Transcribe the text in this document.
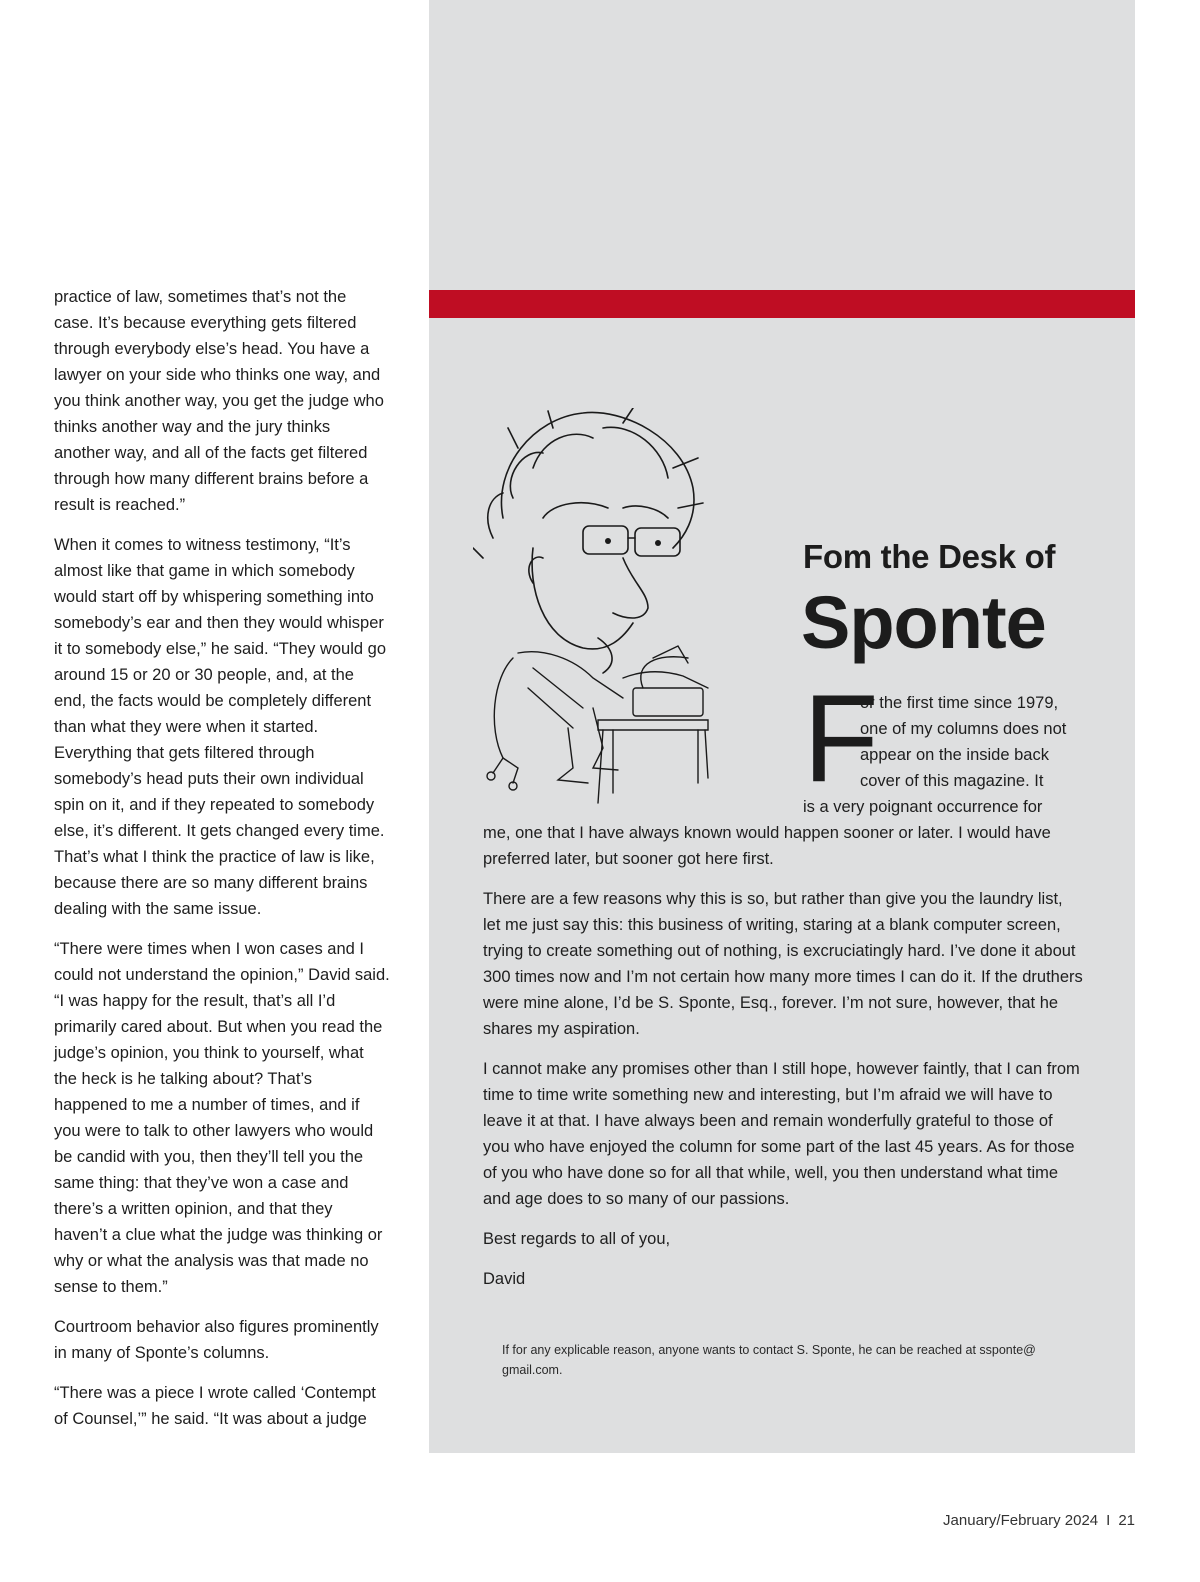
practice of law, sometimes that’s not the case. It’s because everything gets filtered through everybody else’s head. You have a lawyer on your side who thinks one way, and you think another way, you get the judge who thinks another way and the jury thinks another way, and all of the facts get filtered through how many different brains before a result is reached.”

When it comes to witness testimony, “It’s almost like that game in which somebody would start off by whispering something into somebody’s ear and then they would whisper it to somebody else,” he said. “They would go around 15 or 20 or 30 people, and, at the end, the facts would be completely different than what they were when it started. Everything that gets filtered through somebody’s head puts their own individual spin on it, and if they repeated to somebody else, it’s different. It gets changed every time. That’s what I think the practice of law is like, because there are so many different brains dealing with the same issue.

“There were times when I won cases and I could not understand the opinion,” David said. “I was happy for the result, that’s all I’d primarily cared about. But when you read the judge’s opinion, you think to yourself, what the heck is he talking about? That’s happened to me a number of times, and if you were to talk to other lawyers who would be candid with you, then they’ll tell you the same thing: that they’ve won a case and there’s a written opinion, and that they haven’t a clue what the judge was thinking or why or what the analysis was that made no sense to them.”

Courtroom behavior also figures prominently in many of Sponte’s columns.

“There was a piece I wrote called ‘Contempt of Counsel,’” he said. “It was about a judge

Fom the Desk of
Sponte
F
or the first time since 1979,
one of my columns does not
appear on the inside back
cover of this magazine. It
is a very poignant occurrence for

me, one that I have always known would happen sooner or later. I would have preferred later, but sooner got here first.

There are a few reasons why this is so, but rather than give you the laundry list, let me just say this: this business of writing, staring at a blank computer screen, trying to create something out of nothing, is excruciatingly hard. I’ve done it about 300 times now and I’m not certain how many more times I can do it. If the druthers were mine alone, I’d be S. Sponte, Esq., forever. I’m not sure, however, that he shares my aspiration.

I cannot make any promises other than I still hope, however faintly, that I can from time to time write something new and interesting, but I’m afraid we will have to leave it at that. I have always been and remain wonderfully grateful to those of you who have enjoyed the column for some part of the last 45 years. As for those of you who have done so for all that while, well, you then understand what time and age does to so many of our passions.

Best regards to all of you,

David

If for any explicable reason, anyone wants to contact S. Sponte, he can be reached at ssponte@ gmail.com.
January/February 2024 I 21
